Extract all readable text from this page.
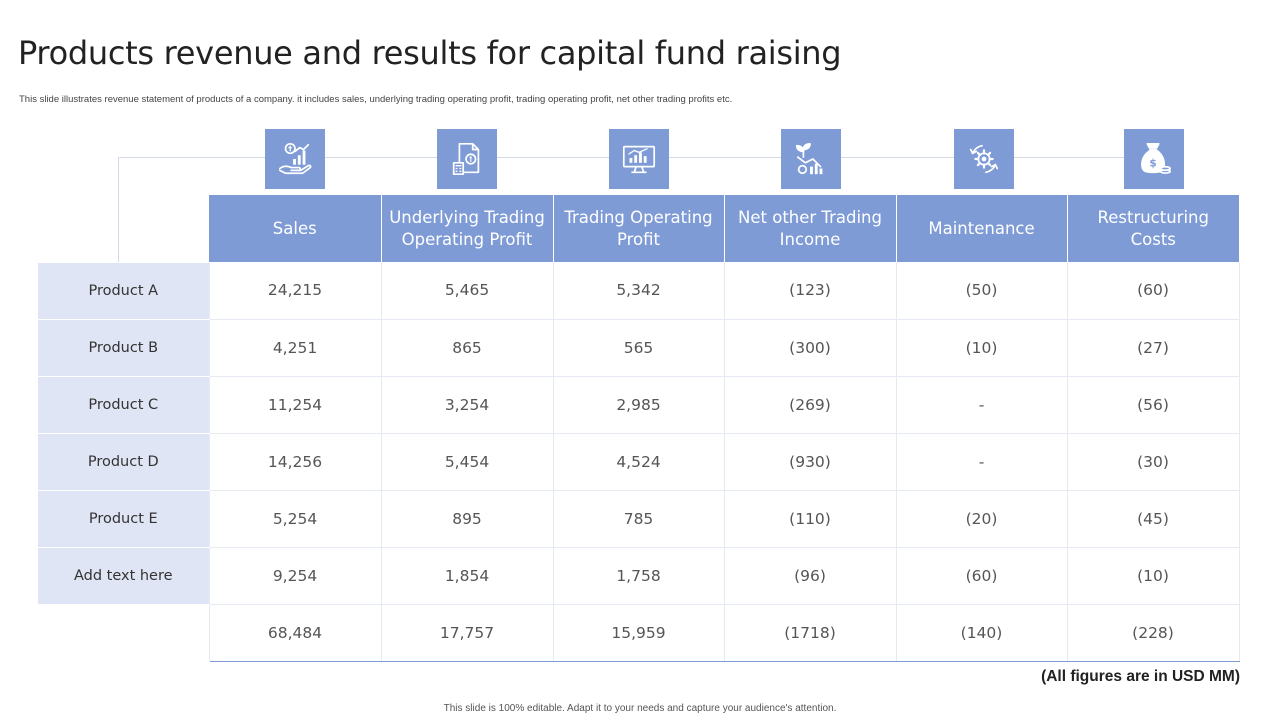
Products revenue and results for capital fund raising

This slide illustrates revenue statement of products of a company. it includes sales, underlying trading operating profit, trading operating profit, net other trading profits etc.

$
	Sales	Underlying Trading Operating Profit	Trading Operating Profit	Net other Trading Income	Maintenance	Restructuring Costs
Product A	24,215	5,465	5,342	(123)	(50)	(60)
Product B	4,251	865	565	(300)	(10)	(27)
Product C	11,254	3,254	2,985	(269)	-	(56)
Product D	14,256	5,454	4,524	(930)	-	(30)
Product E	5,254	895	785	(110)	(20)	(45)
Add text here	9,254	1,854	1,758	(96)	(60)	(10)
	68,484	17,757	15,959	(1718)	(140)	(228)
(All figures are in USD MM)
This slide is 100% editable. Adapt it to your needs and capture your audience's attention.
